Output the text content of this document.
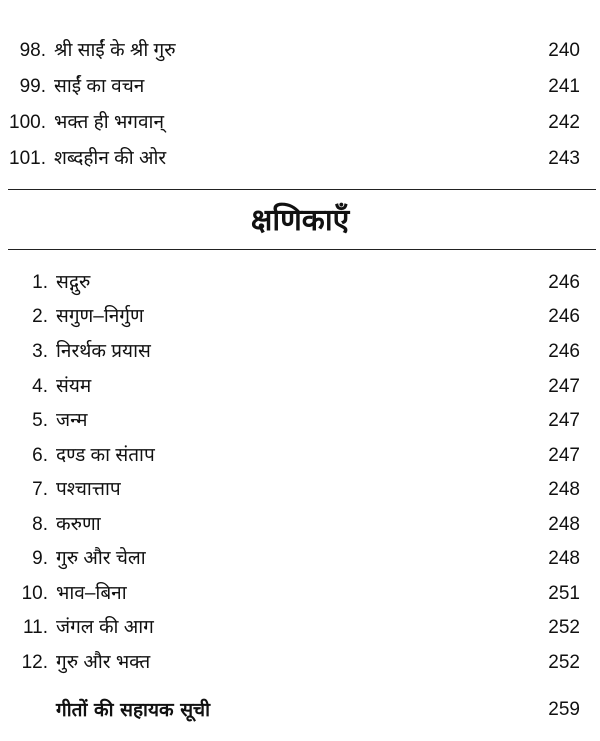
98. श्री साईं के श्री गुरु	240
99. साईं का वचन	241
100. भक्त ही भगवान्	242
101. शब्दहीन की ओर	243
क्षणिकाएँ
1. सद्गुरु	246
2. सगुण–निर्गुण	246
3. निरर्थक प्रयास	246
4. संयम	247
5. जन्म	247
6. दण्ड का संताप	247
7. पश्चात्ताप	248
8. करुणा	248
9. गुरु और चेला	248
10. भाव–बिना	251
11. जंगल की आग	252
12. गुरु और भक्त	252
गीतों की सहायक सूची	259
